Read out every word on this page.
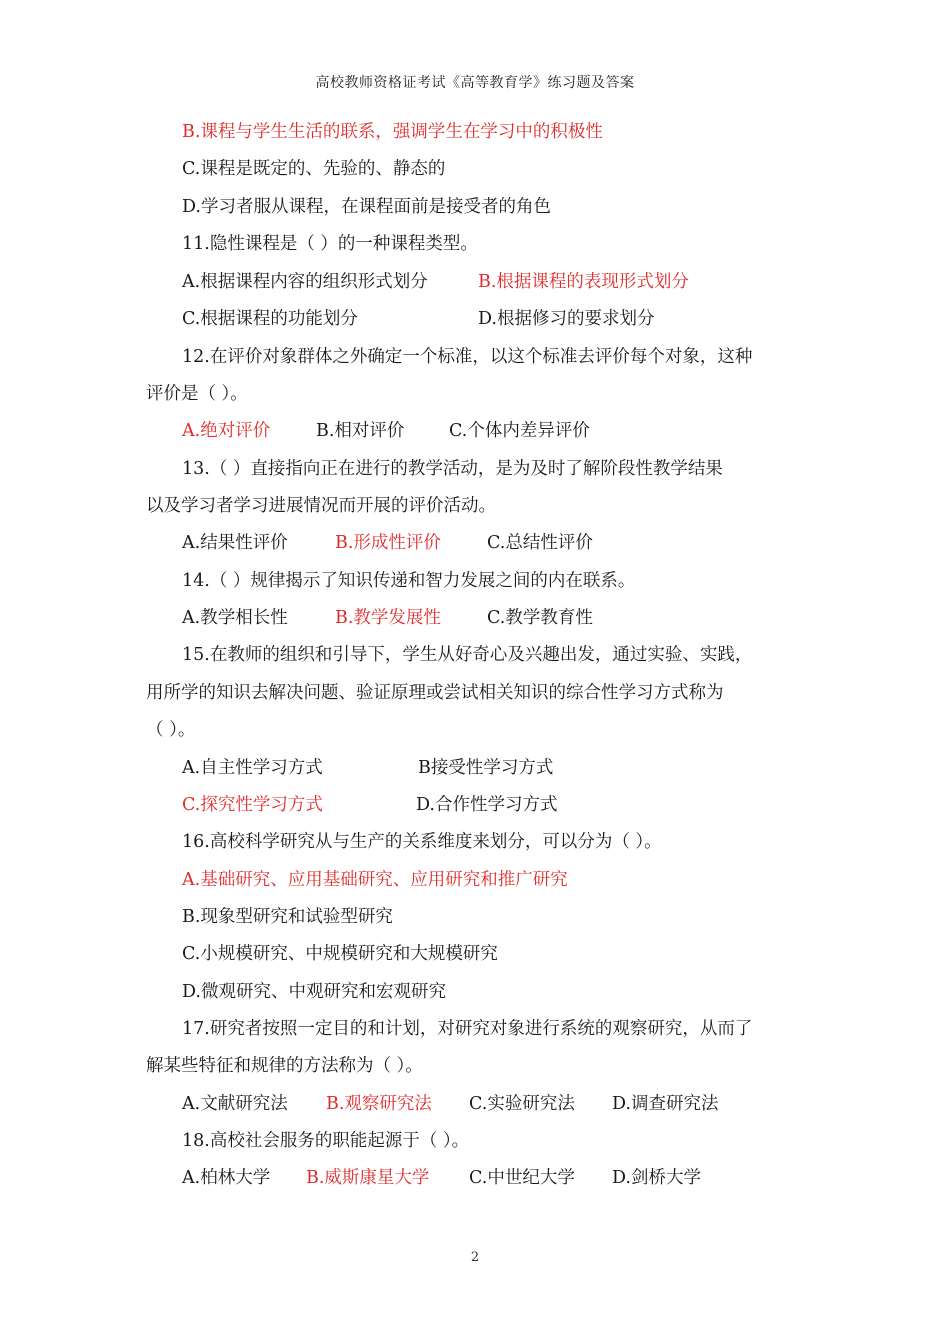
高校教师资格证考试《高等教育学》练习题及答案
B.课程与学生生活的联系，强调学生在学习中的积极性
C.课程是既定的、先验的、静态的
D.学习者服从课程，在课程面前是接受者的角色
11.隐性课程是（ ）的一种课程类型。
A.根据课程内容的组织形式划分	B.根据课程的表现形式划分
C.根据课程的功能划分	D.根据修习的要求划分
12.在评价对象群体之外确定一个标准，以这个标准去评价每个对象，这种
评价是（ ）。
A.绝对评价	B.相对评价	C.个体内差异评价
13.（ ）直接指向正在进行的教学活动，是为及时了解阶段性教学结果
以及学习者学习进展情况而开展的评价活动。
A.结果性评价	B.形成性评价	C.总结性评价
14.（ ）规律揭示了知识传递和智力发展之间的内在联系。
A.教学相长性	B.教学发展性	C.教学教育性
15.在教师的组织和引导下，学生从好奇心及兴趣出发，通过实验、实践，
用所学的知识去解决问题、验证原理或尝试相关知识的综合性学习方式称为
（ ）。
A.自主性学习方式	B接受性学习方式
C.探究性学习方式	D.合作性学习方式
16.高校科学研究从与生产的关系维度来划分，可以分为（ ）。
A.基础研究、应用基础研究、应用研究和推广研究
B.现象型研究和试验型研究
C.小规模研究、中规模研究和大规模研究
D.微观研究、中观研究和宏观研究
17.研究者按照一定目的和计划，对研究对象进行系统的观察研究，从而了
解某些特征和规律的方法称为（ ）。
A.文献研究法 B.观察研究法 C.实验研究法 D.调查研究法
18.高校社会服务的职能起源于（ ）。
A.柏林大学 B.威斯康星大学 C.中世纪大学 D.剑桥大学
2
